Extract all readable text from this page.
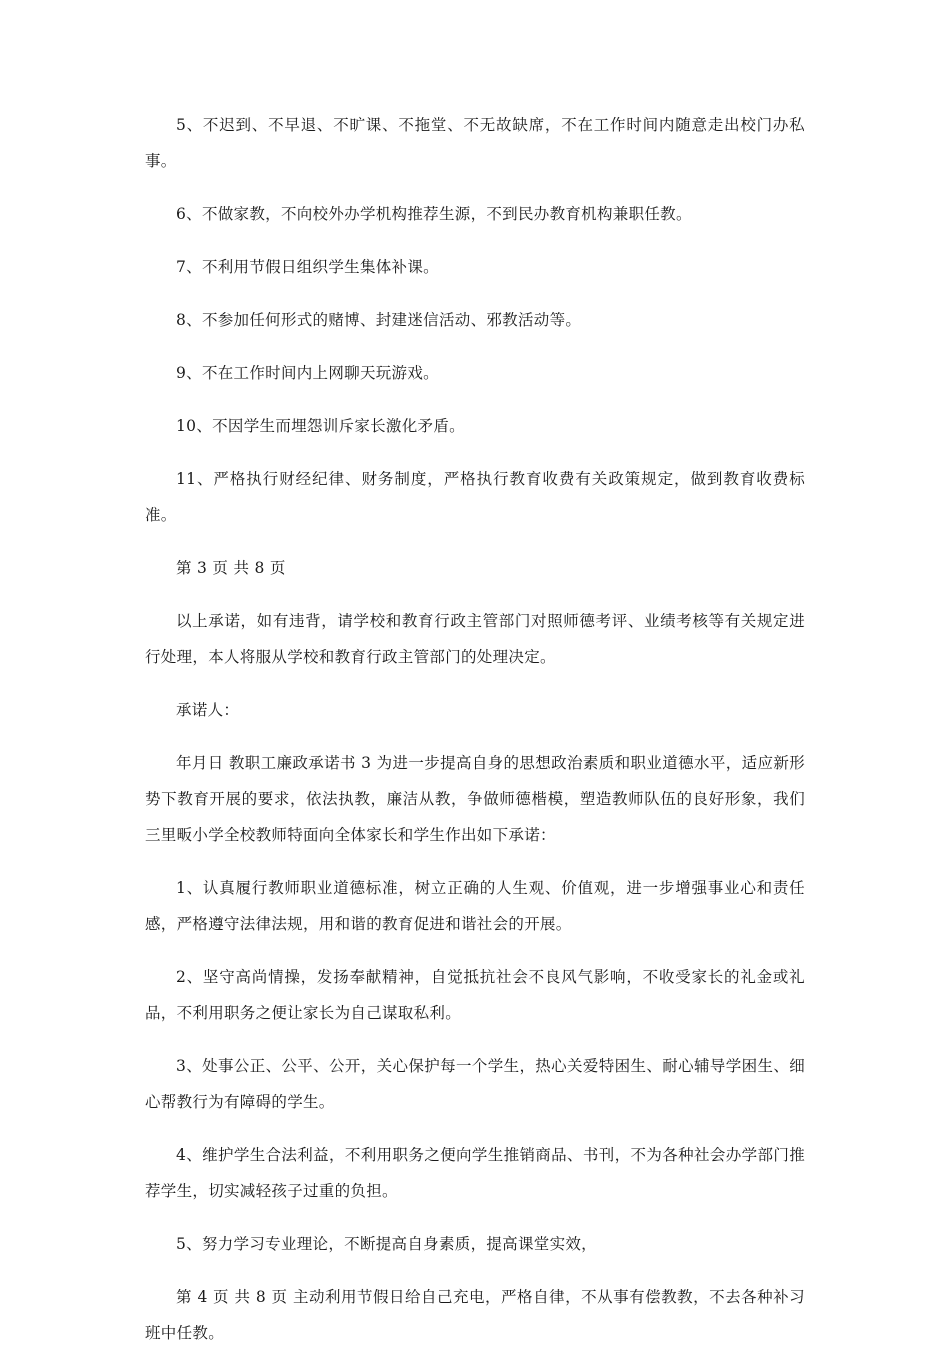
5、不迟到、不早退、不旷课、不拖堂、不无故缺席，不在工作时间内随意走出校门办私事。

6、不做家教，不向校外办学机构推荐生源，不到民办教育机构兼职任教。

7、不利用节假日组织学生集体补课。

8、不参加任何形式的赌博、封建迷信活动、邪教活动等。

9、不在工作时间内上网聊天玩游戏。

10、不因学生而埋怨训斥家长激化矛盾。

11、严格执行财经纪律、财务制度，严格执行教育收费有关政策规定，做到教育收费标准。

第 3 页 共 8 页

以上承诺，如有违背，请学校和教育行政主管部门对照师德考评、业绩考核等有关规定进行处理，本人将服从学校和教育行政主管部门的处理决定。

承诺人：

年月日 教职工廉政承诺书 3 为进一步提高自身的思想政治素质和职业道德水平，适应新形势下教育开展的要求，依法执教，廉洁从教，争做师德楷模，塑造教师队伍的良好形象，我们三里畈小学全校教师特面向全体家长和学生作出如下承诺：

1、认真履行教师职业道德标准，树立正确的人生观、价值观，进一步增强事业心和责任感，严格遵守法律法规，用和谐的教育促进和谐社会的开展。

2、坚守高尚情操，发扬奉献精神，自觉抵抗社会不良风气影响，不收受家长的礼金或礼品，不利用职务之便让家长为自己谋取私利。

3、处事公正、公平、公开，关心保护每一个学生，热心关爱特困生、耐心辅导学困生、细心帮教行为有障碍的学生。

4、维护学生合法利益，不利用职务之便向学生推销商品、书刊，不为各种社会办学部门推荐学生，切实减轻孩子过重的负担。

5、努力学习专业理论，不断提高自身素质，提高课堂实效，

第 4 页 共 8 页 主动利用节假日给自己充电，严格自律，不从事有偿教教，不去各种补习班中任教。
